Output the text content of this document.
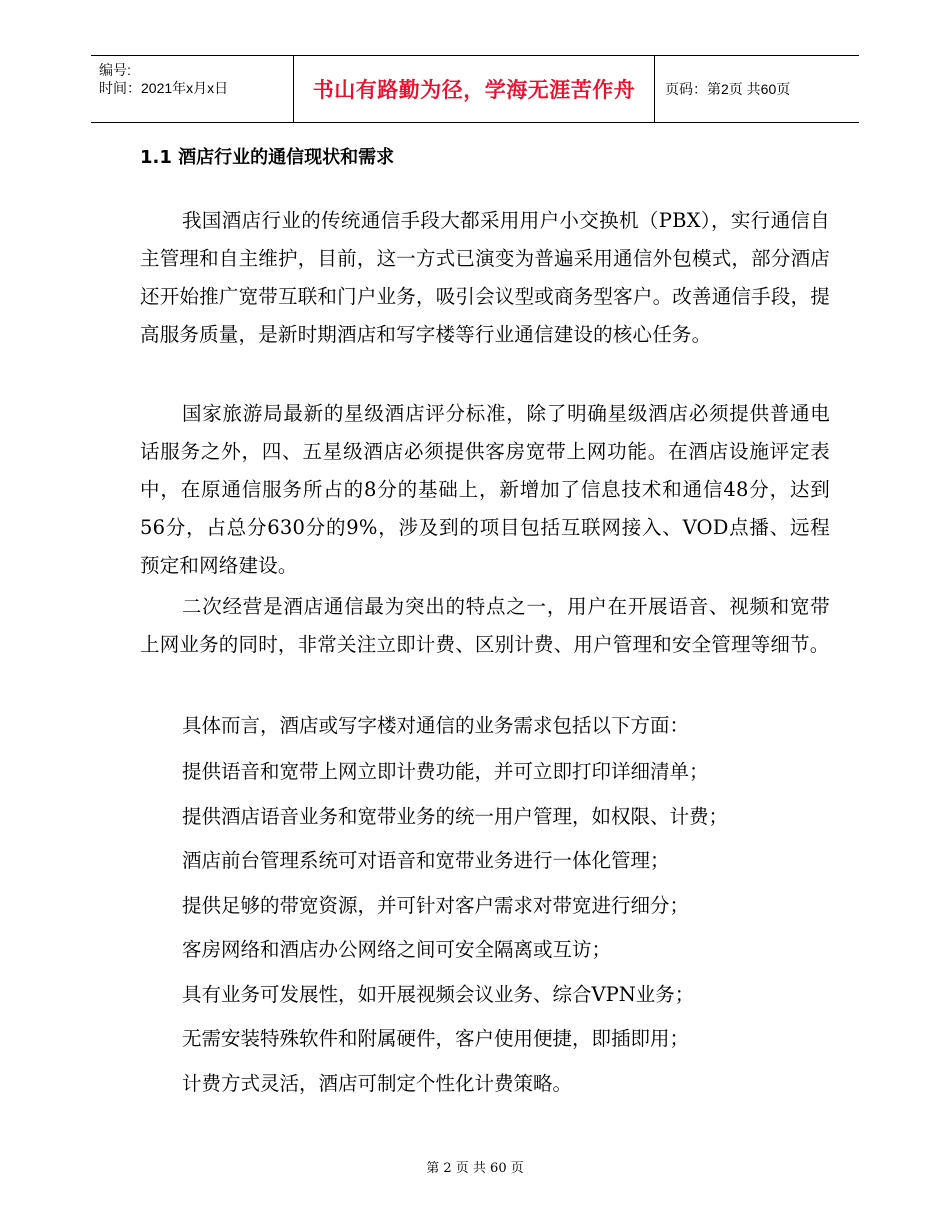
编号:
时间：2021年x月x日	书山有路勤为径，学海无涯苦作舟	页码：第2页 共60页
1.1 酒店行业的通信现状和需求

我国酒店行业的传统通信手段大都采用用户小交换机（PBX），实行通信自主管理和自主维护，目前，这一方式已演变为普遍采用通信外包模式，部分酒店还开始推广宽带互联和门户业务，吸引会议型或商务型客户。改善通信手段，提高服务质量，是新时期酒店和写字楼等行业通信建设的核心任务。

国家旅游局最新的星级酒店评分标准，除了明确星级酒店必须提供普通电话服务之外，四、五星级酒店必须提供客房宽带上网功能。在酒店设施评定表中，在原通信服务所占的8分的基础上，新增加了信息技术和通信48分，达到56分，占总分630分的9%，涉及到的项目包括互联网接入、VOD点播、远程预定和网络建设。

二次经营是酒店通信最为突出的特点之一，用户在开展语音、视频和宽带上网业务的同时，非常关注立即计费、区别计费、用户管理和安全管理等细节。

具体而言，酒店或写字楼对通信的业务需求包括以下方面：

提供语音和宽带上网立即计费功能，并可立即打印详细清单；

提供酒店语音业务和宽带业务的统一用户管理，如权限、计费；

酒店前台管理系统可对语音和宽带业务进行一体化管理；

提供足够的带宽资源，并可针对客户需求对带宽进行细分；

客房网络和酒店办公网络之间可安全隔离或互访；

具有业务可发展性，如开展视频会议业务、综合VPN业务；

无需安装特殊软件和附属硬件，客户使用便捷，即插即用；

计费方式灵活，酒店可制定个性化计费策略。

第 2 页 共 60 页
